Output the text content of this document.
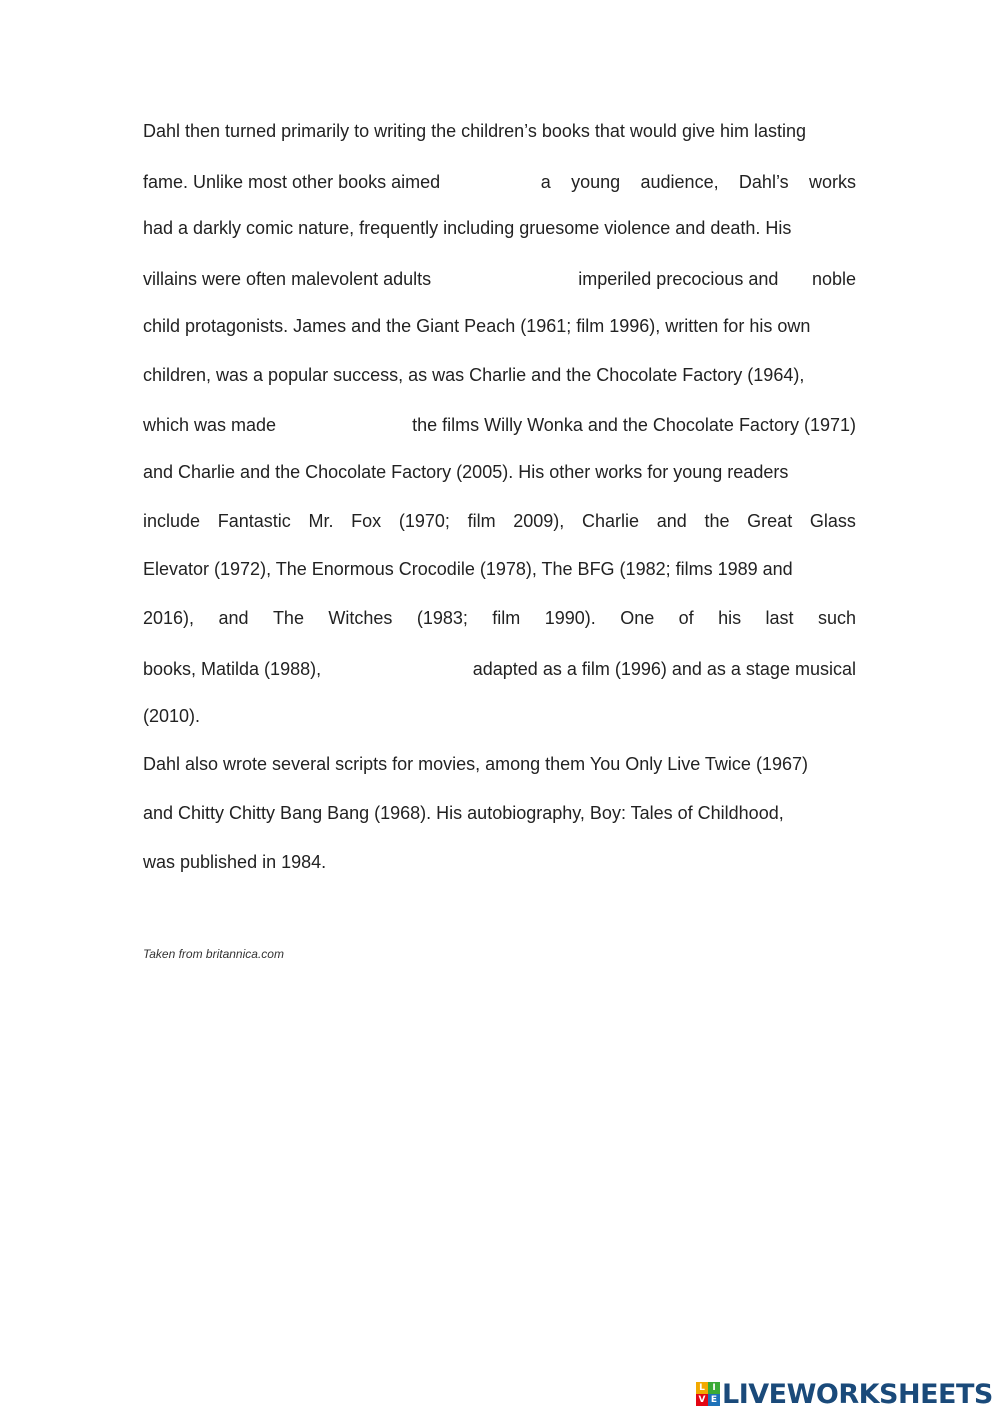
Dahl then turned primarily to writing the children’s books that would give him lasting
fame. Unlike most other books aimed	a young audience, Dahl’s works
had a darkly comic nature, frequently including gruesome violence and death. His
villains were often malevolent adults	imperiled precocious and noble
child protagonists. James and the Giant Peach (1961; film 1996), written for his own
children, was a popular success, as was Charlie and the Chocolate Factory (1964),
which was made	the films Willy Wonka and the Chocolate Factory (1971)
and Charlie and the Chocolate Factory (2005). His other works for young readers
include Fantastic Mr. Fox (1970; film 2009), Charlie and the Great Glass
Elevator (1972), The Enormous Crocodile (1978), The BFG (1982; films 1989 and
2016), and The Witches (1983; film 1990). One of his last such
books, Matilda (1988),	adapted as a film (1996) and as a stage musical
(2010).
Dahl also wrote several scripts for movies, among them You Only Live Twice (1967)
and Chitty Chitty Bang Bang (1968). His autobiography, Boy: Tales of Childhood,
was published in 1984.
Taken from britannica.com
L I
V E LIVEWORKSHEETS
